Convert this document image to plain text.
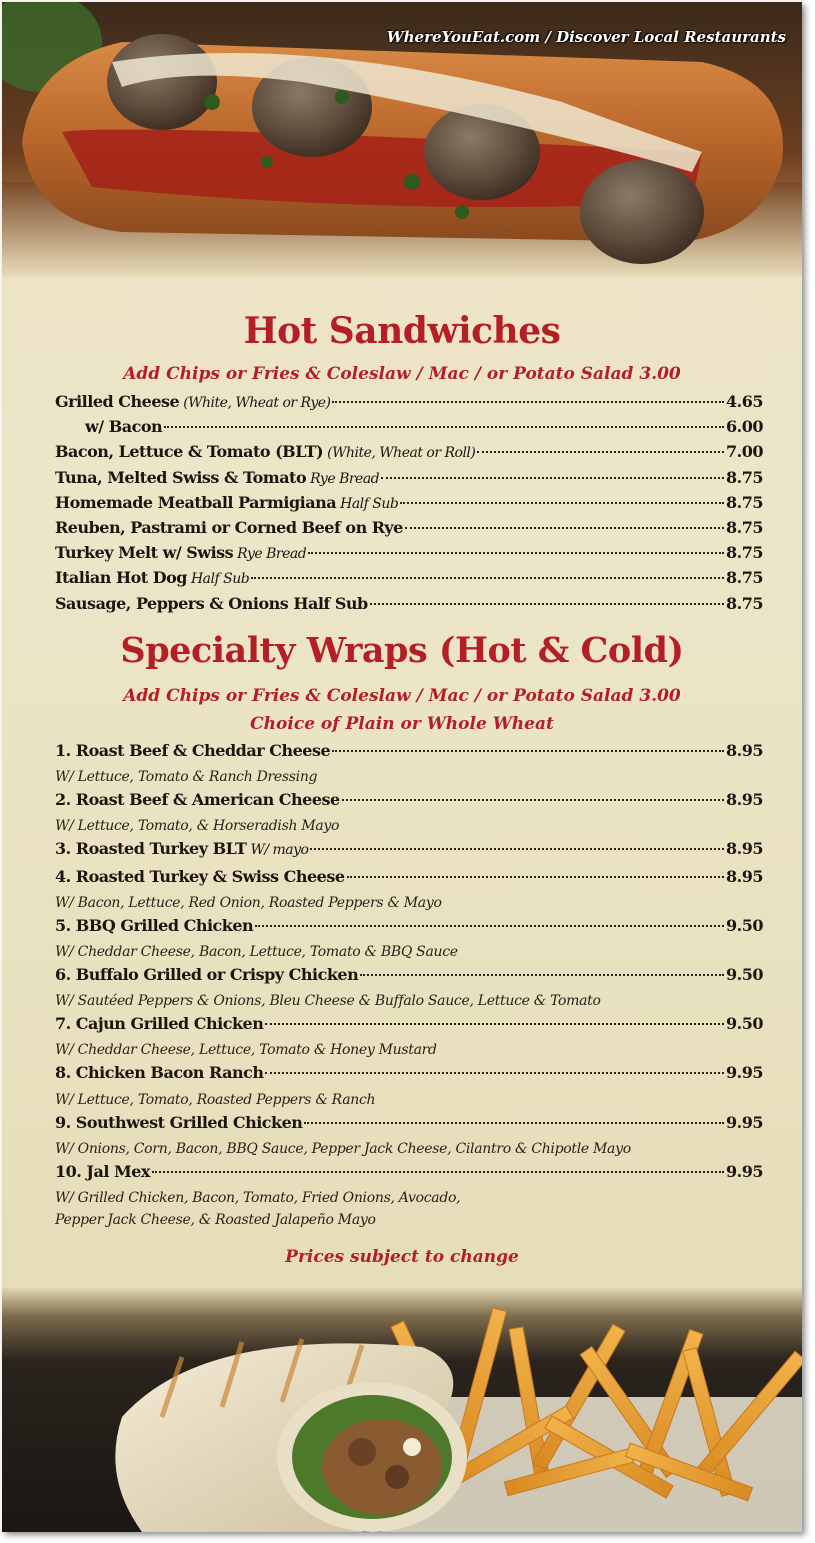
WhereYouEat.com / Discover Local Restaurants
Hot Sandwiches
Add Chips or Fries & Coleslaw / Mac / or Potato Salad 3.00
Grilled Cheese (White, Wheat or Rye)	4.65
w/ Bacon	6.00
Bacon, Lettuce & Tomato (BLT) (White, Wheat or Roll)	7.00
Tuna, Melted Swiss & Tomato Rye Bread	8.75
Homemade Meatball Parmigiana Half Sub	8.75
Reuben, Pastrami or Corned Beef on Rye	8.75
Turkey Melt w/ Swiss Rye Bread	8.75
Italian Hot Dog Half Sub	8.75
Sausage, Peppers & Onions Half Sub	8.75
Specialty Wraps (Hot & Cold)
Add Chips or Fries & Coleslaw / Mac / or Potato Salad 3.00
Choice of Plain or Whole Wheat
1. Roast Beef & Cheddar Cheese	8.95
W/ Lettuce, Tomato & Ranch Dressing
2. Roast Beef & American Cheese	8.95
W/ Lettuce, Tomato, & Horseradish Mayo
3. Roasted Turkey BLT W/ mayo	8.95
4. Roasted Turkey & Swiss Cheese	8.95
W/ Bacon, Lettuce, Red Onion, Roasted Peppers & Mayo
5. BBQ Grilled Chicken	9.50
W/ Cheddar Cheese, Bacon, Lettuce, Tomato & BBQ Sauce
6. Buffalo Grilled or Crispy Chicken	9.50
W/ Sautéed Peppers & Onions, Bleu Cheese & Buffalo Sauce, Lettuce & Tomato
7. Cajun Grilled Chicken	9.50
W/ Cheddar Cheese, Lettuce, Tomato & Honey Mustard
8. Chicken Bacon Ranch	9.95
W/ Lettuce, Tomato, Roasted Peppers & Ranch
9. Southwest Grilled Chicken	9.95
W/ Onions, Corn, Bacon, BBQ Sauce, Pepper Jack Cheese, Cilantro & Chipotle Mayo
10. Jal Mex	9.95
W/ Grilled Chicken, Bacon, Tomato, Fried Onions, Avocado,
Pepper Jack Cheese, & Roasted Jalapeño Mayo
Prices subject to change
